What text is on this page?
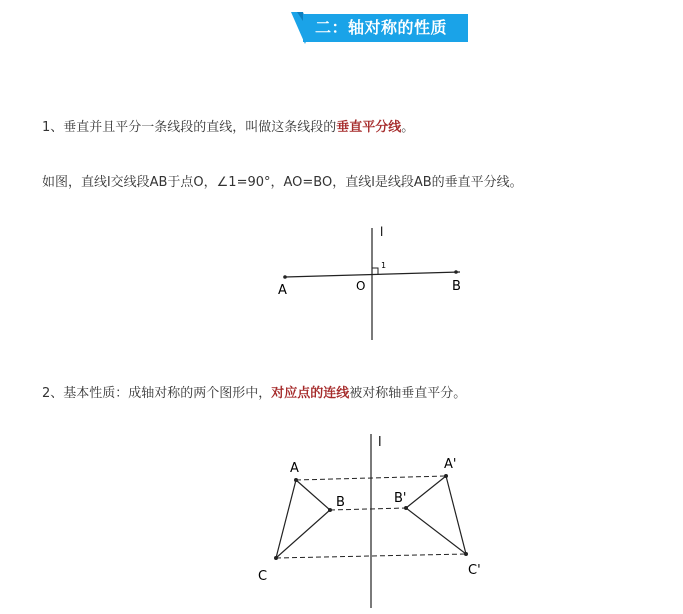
二：轴对称的性质
1、垂直并且平分一条线段的直线，叫做这条线段的垂直平分线。
如图，直线l交线段AB于点O，∠1=90°，AO=BO，直线l是线段AB的垂直平分线。
l
1
A	O	B
2、基本性质：成轴对称的两个图形中，对应点的连线被对称轴垂直平分。
l
A
B
C
A'
B'
C'
